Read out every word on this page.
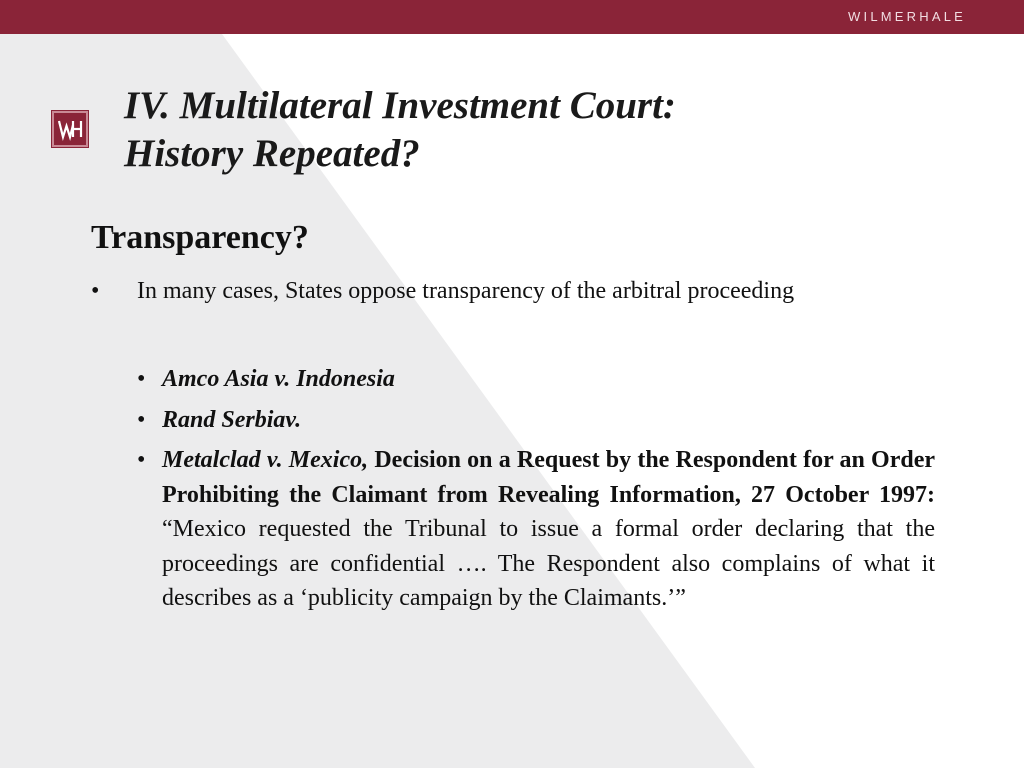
WILMERHALE
IV. Multilateral Investment Court:
History Repeated?
Transparency?
• In many cases, States oppose transparency of the arbitral proceeding
• Amco Asia v. Indonesia
• Rand Serbiav.
• Metalclad v. Mexico, Decision on a Request by the Respondent for an Order Prohibiting the Claimant from Revealing Information, 27 October 1997: “Mexico requested the Tribunal to issue a formal order declaring that the proceedings are confidential …. The Respondent also complains of what it describes as a ‘publicity campaign by the Claimants.’”
